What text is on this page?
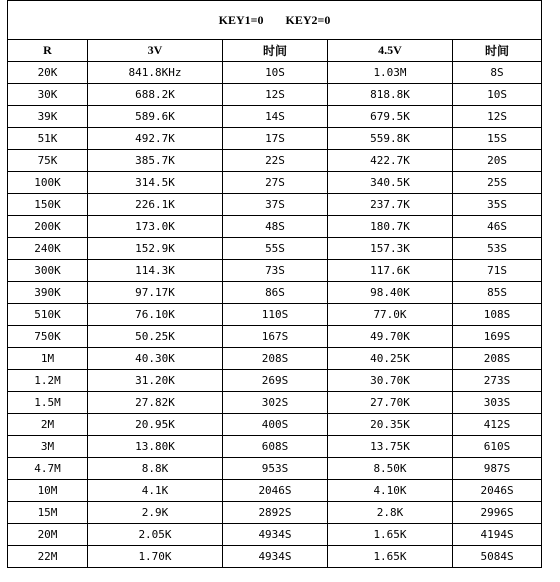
KEY1=0 KEY2=0				
R	3V	时间	4.5V	时间
20K	841.8KHz	10S	1.03M	8S
30K	688.2K	12S	818.8K	10S
39K	589.6K	14S	679.5K	12S
51K	492.7K	17S	559.8K	15S
75K	385.7K	22S	422.7K	20S
100K	314.5K	27S	340.5K	25S
150K	226.1K	37S	237.7K	35S
200K	173.0K	48S	180.7K	46S
240K	152.9K	55S	157.3K	53S
300K	114.3K	73S	117.6K	71S
390K	97.17K	86S	98.40K	85S
510K	76.10K	110S	77.0K	108S
750K	50.25K	167S	49.70K	169S
1M	40.30K	208S	40.25K	208S
1.2M	31.20K	269S	30.70K	273S
1.5M	27.82K	302S	27.70K	303S
2M	20.95K	400S	20.35K	412S
3M	13.80K	608S	13.75K	610S
4.7M	8.8K	953S	8.50K	987S
10M	4.1K	2046S	4.10K	2046S
15M	2.9K	2892S	2.8K	2996S
20M	2.05K	4934S	1.65K	4194S
22M	1.70K	4934S	1.65K	5084S
